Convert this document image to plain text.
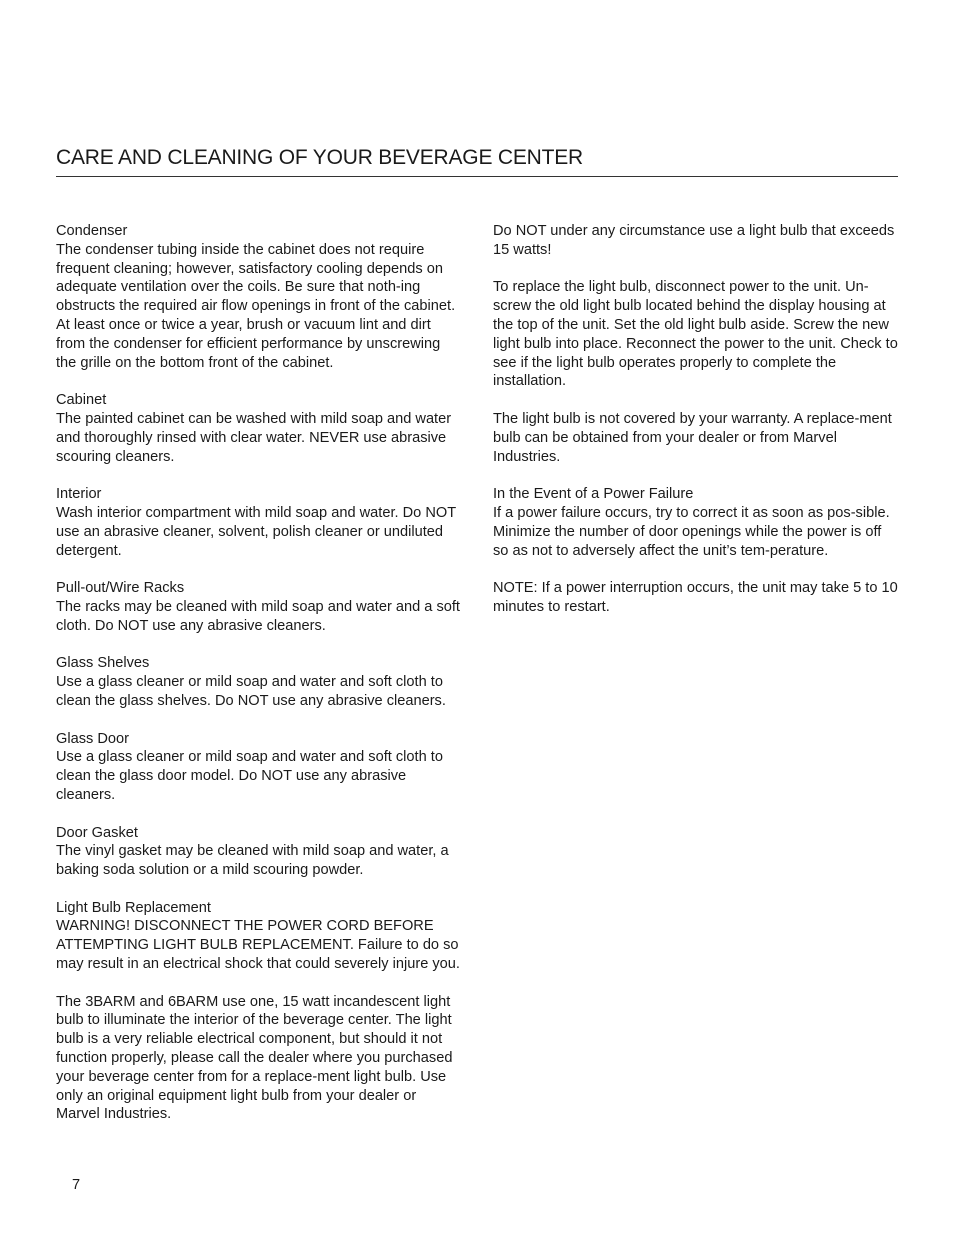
CARE AND CLEANING OF YOUR BEVERAGE CENTER

Condenser

The condenser tubing inside the cabinet does not require frequent cleaning; however, satisfactory cooling depends on adequate ventilation over the coils. Be sure that noth-ing obstructs the required air flow openings in front of the cabinet. At least once or twice a year, brush or vacuum lint and dirt from the condenser for efficient performance by unscrewing the grille on the bottom front of the cabinet.

Cabinet

The painted cabinet can be washed with mild soap and water and thoroughly rinsed with clear water. NEVER use abrasive scouring cleaners.

Interior

Wash interior compartment with mild soap and water. Do NOT use an abrasive cleaner, solvent, polish cleaner or undiluted detergent.

Pull-out/Wire Racks

The racks may be cleaned with mild soap and water and a soft cloth. Do NOT use any abrasive cleaners.

Glass Shelves

Use a glass cleaner or mild soap and water and soft cloth to clean the glass shelves. Do NOT use any abrasive cleaners.

Glass Door

Use a glass cleaner or mild soap and water and soft cloth to clean the glass door model. Do NOT use any abrasive cleaners.

Door Gasket

The vinyl gasket may be cleaned with mild soap and water, a baking soda solution or a mild scouring powder.

Light Bulb Replacement

WARNING! DISCONNECT THE POWER CORD BEFORE ATTEMPTING LIGHT BULB REPLACEMENT. Failure to do so may result in an electrical shock that could severely injure you.

The 3BARM and 6BARM use one, 15 watt incandescent light bulb to illuminate the interior of the beverage center. The light bulb is a very reliable electrical component, but should it not function properly, please call the dealer where you purchased your beverage center from for a replace-ment light bulb. Use only an original equipment light bulb from your dealer or Marvel Industries.

Do NOT under any circumstance use a light bulb that exceeds 15 watts!

To replace the light bulb, disconnect power to the unit. Un-screw the old light bulb located behind the display housing at the top of the unit. Set the old light bulb aside. Screw the new light bulb into place. Reconnect the power to the unit. Check to see if the light bulb operates properly to complete the installation.

The light bulb is not covered by your warranty. A replace-ment bulb can be obtained from your dealer or from Marvel Industries.

In the Event of a Power Failure

If a power failure occurs, try to correct it as soon as pos-sible. Minimize the number of door openings while the power is off so as not to adversely affect the unit’s tem-perature.

NOTE: If a power interruption occurs, the unit may take 5 to 10 minutes to restart.

7
